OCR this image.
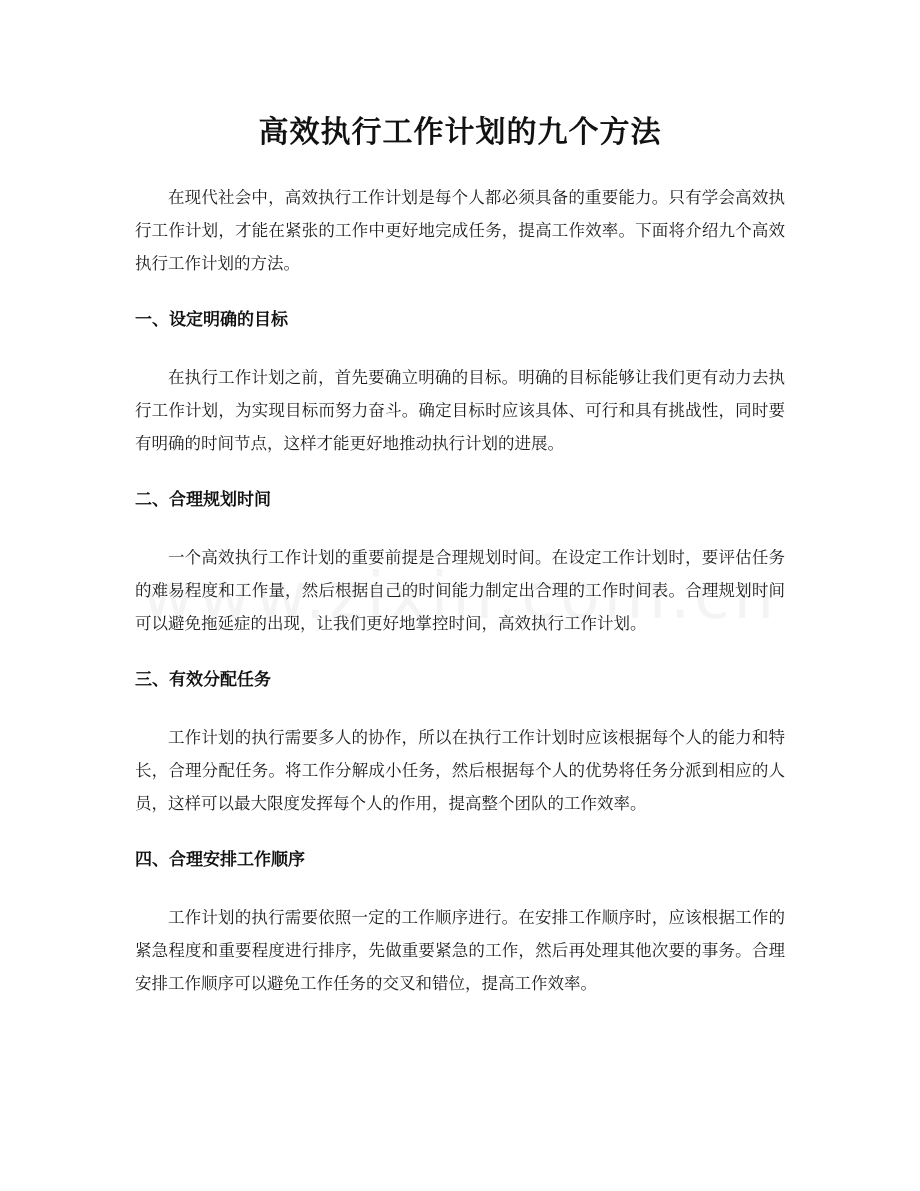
高效执行工作计划的九个方法

在现代社会中，高效执行工作计划是每个人都必须具备的重要能力。只有学会高效执行工作计划，才能在紧张的工作中更好地完成任务，提高工作效率。下面将介绍九个高效执行工作计划的方法。

一、设定明确的目标

在执行工作计划之前，首先要确立明确的目标。明确的目标能够让我们更有动力去执行工作计划，为实现目标而努力奋斗。确定目标时应该具体、可行和具有挑战性，同时要有明确的时间节点，这样才能更好地推动执行计划的进展。

二、合理规划时间

一个高效执行工作计划的重要前提是合理规划时间。在设定工作计划时，要评估任务的难易程度和工作量，然后根据自己的时间能力制定出合理的工作时间表。合理规划时间可以避免拖延症的出现，让我们更好地掌控时间，高效执行工作计划。

三、有效分配任务

工作计划的执行需要多人的协作，所以在执行工作计划时应该根据每个人的能力和特长，合理分配任务。将工作分解成小任务，然后根据每个人的优势将任务分派到相应的人员，这样可以最大限度发挥每个人的作用，提高整个团队的工作效率。

四、合理安排工作顺序

工作计划的执行需要依照一定的工作顺序进行。在安排工作顺序时，应该根据工作的紧急程度和重要程度进行排序，先做重要紧急的工作，然后再处理其他次要的事务。合理安排工作顺序可以避免工作任务的交叉和错位，提高工作效率。
